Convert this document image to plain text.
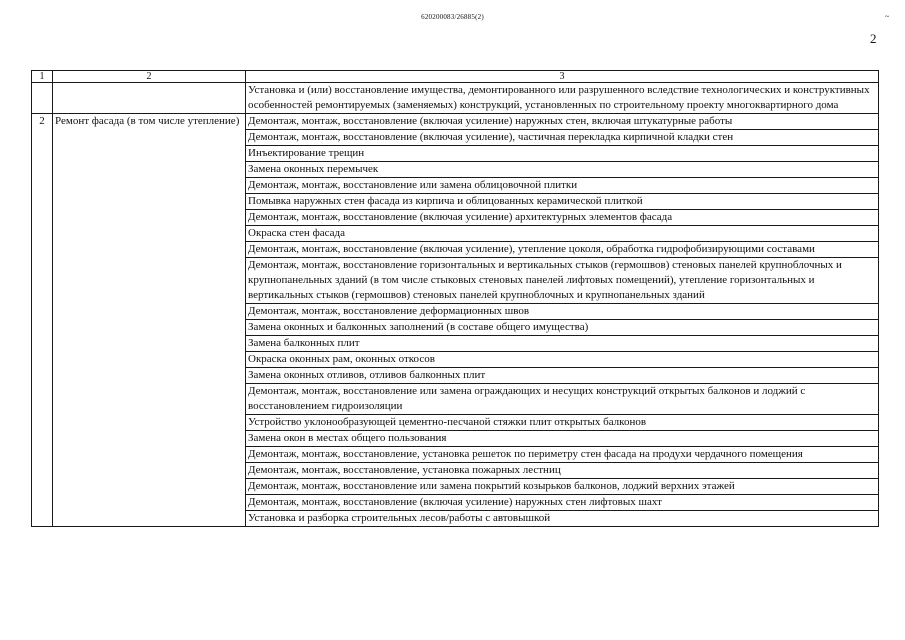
620200083/26885(2)	~
2
1	2	3
		Установка и (или) восстановление имущества, демонтированного или разрушенного вследствие технологических и конструктивных особенностей ремонтируемых (заменяемых) конструкций, установленных по строительному проекту многоквартирного дома
2	Ремонт фасада (в том числе утепление)	Демонтаж, монтаж, восстановление (включая усиление) наружных стен, включая штукатурные работы
		Демонтаж, монтаж, восстановление (включая усиление), частичная перекладка кирпичной кладки стен
		Инъектирование трещин
		Замена оконных перемычек
		Демонтаж, монтаж, восстановление или замена облицовочной плитки
		Помывка наружных стен фасада из кирпича и облицованных керамической плиткой
		Демонтаж, монтаж, восстановление (включая усиление) архитектурных элементов фасада
		Окраска стен фасада
		Демонтаж, монтаж, восстановление (включая усиление), утепление цоколя, обработка гидрофобизирующими составами
		Демонтаж, монтаж, восстановление горизонтальных и вертикальных стыков (гермошвов) стеновых панелей крупноблочных и крупнопанельных зданий (в том числе стыковых стеновых панелей лифтовых помещений), утепление горизонтальных и вертикальных стыков (гермошвов) стеновых панелей крупноблочных и крупнопанельных зданий
		Демонтаж, монтаж, восстановление деформационных швов
		Замена оконных и балконных заполнений (в составе общего имущества)
		Замена балконных плит
		Окраска оконных рам, оконных откосов
		Замена оконных отливов, отливов балконных плит
		Демонтаж, монтаж, восстановление или замена ограждающих и несущих конструкций открытых балконов и лоджий с восстановлением гидроизоляции
		Устройство уклонообразующей цементно-песчаной стяжки плит открытых балконов
		Замена окон в местах общего пользования
		Демонтаж, монтаж, восстановление, установка решеток по периметру стен фасада на продухи чердачного помещения
		Демонтаж, монтаж, восстановление, установка пожарных лестниц
		Демонтаж, монтаж, восстановление или замена покрытий козырьков балконов, лоджий верхних этажей
		Демонтаж, монтаж, восстановление (включая усиление) наружных стен лифтовых шахт
		Установка и разборка строительных лесов/работы с автовышкой
